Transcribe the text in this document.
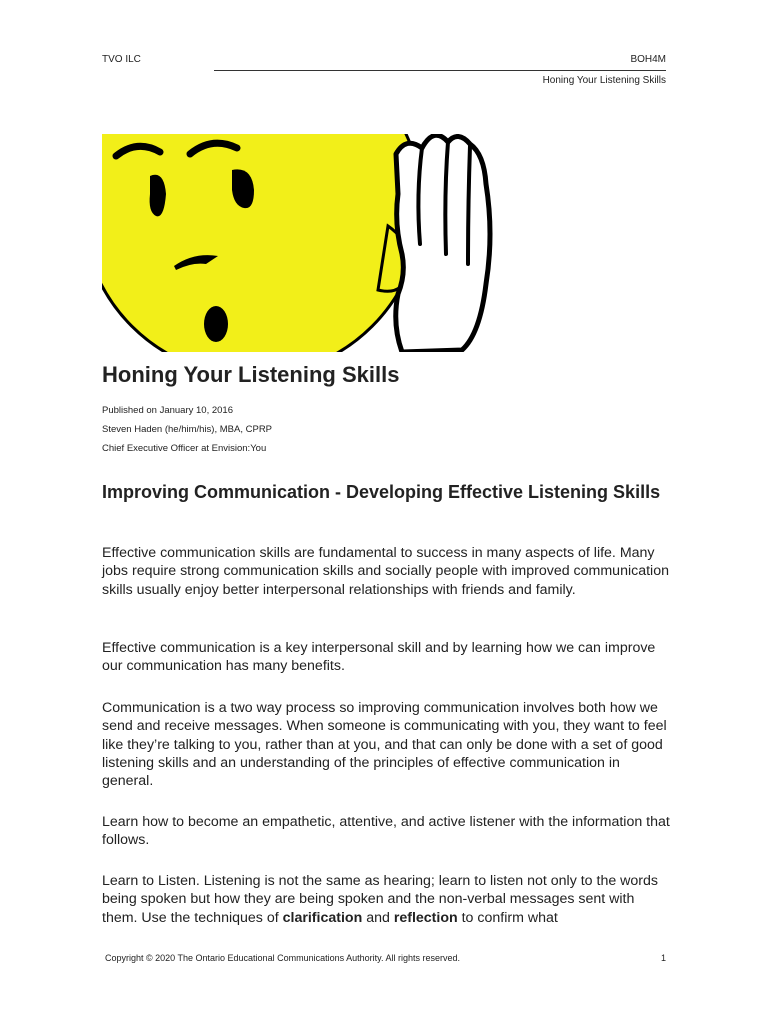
TVO ILC	BOH4M
Honing Your Listening Skills
Honing Your Listening Skills
Published on January 10, 2016
Steven Haden (he/him/his), MBA, CPRP
Chief Executive Officer at Envision:You
Improving Communication - Developing Effective Listening Skills

Effective communication skills are fundamental to success in many aspects of life. Many jobs require strong communication skills and socially people with improved communication skills usually enjoy better interpersonal relationships with friends and family.

Effective communication is a key interpersonal skill and by learning how we can improve our communication has many benefits.

Communication is a two way process so improving communication involves both how we send and receive messages. When someone is communicating with you, they want to feel like they’re talking to you, rather than at you, and that can only be done with a set of good listening skills and an understanding of the principles of effective communication in general.

Learn how to become an empathetic, attentive, and active listener with the information that follows.

Learn to Listen. Listening is not the same as hearing; learn to listen not only to the words being spoken but how they are being spoken and the non-verbal messages sent with them. Use the techniques of clarification and reflection to confirm what

Copyright © 2020 The Ontario Educational Communications Authority. All rights reserved.	1
